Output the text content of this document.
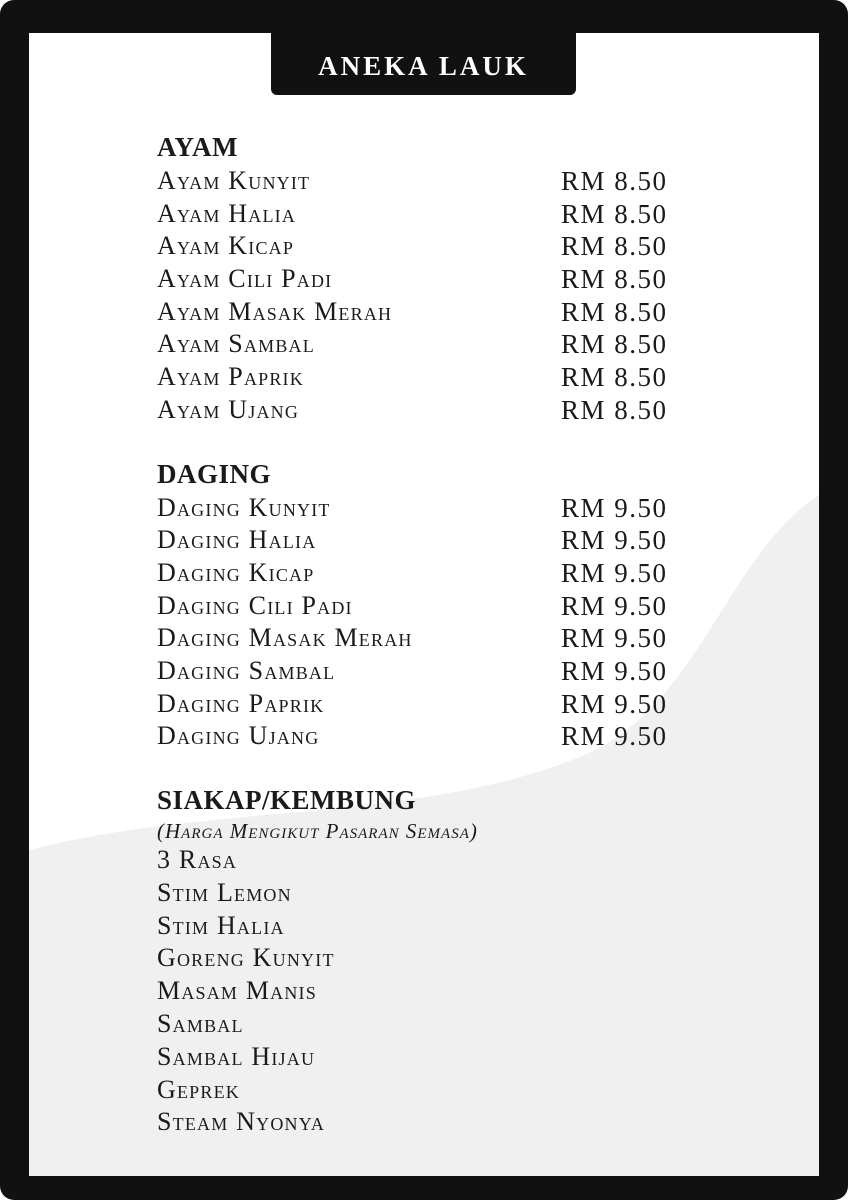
ANEKA LAUK
AYAM
Ayam Kunyit	RM 8.50
Ayam Halia	RM 8.50
Ayam Kicap	RM 8.50
Ayam Cili Padi	RM 8.50
Ayam Masak Merah	RM 8.50
Ayam Sambal	RM 8.50
Ayam Paprik	RM 8.50
Ayam Ujang	RM 8.50
DAGING
Daging Kunyit	RM 9.50
Daging Halia	RM 9.50
Daging Kicap	RM 9.50
Daging Cili Padi	RM 9.50
Daging Masak Merah	RM 9.50
Daging Sambal	RM 9.50
Daging Paprik	RM 9.50
Daging Ujang	RM 9.50
SIAKAP/KEMBUNG
(Harga Mengikut Pasaran Semasa)
3 Rasa
Stim Lemon
Stim Halia
Goreng Kunyit
Masam Manis
Sambal
Sambal Hijau
Geprek
Steam Nyonya
